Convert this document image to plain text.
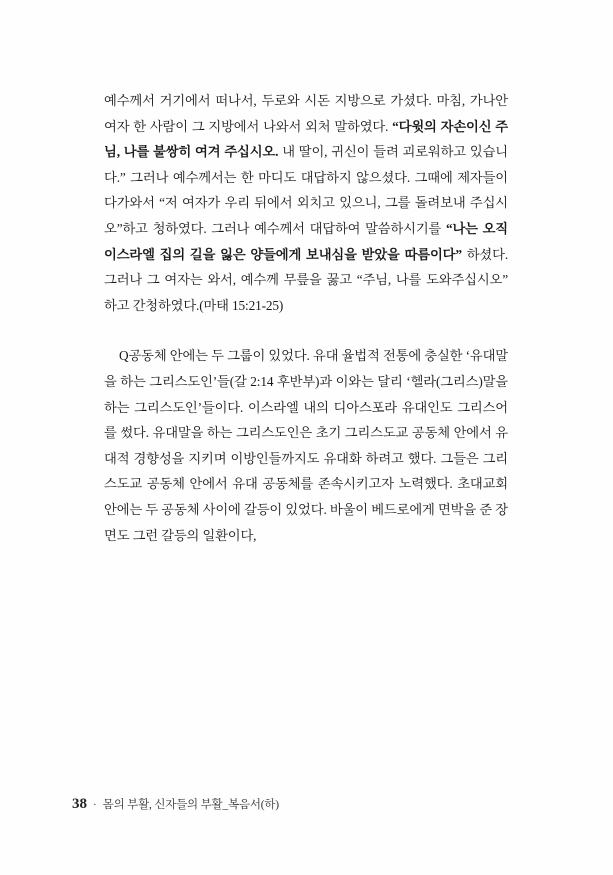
예수께서 거기에서 떠나서, 두로와 시돈 지방으로 가셨다. 마침, 가나안 여자 한 사람이 그 지방에서 나와서 외처 말하였다. “다윗의 자손이신 주님, 나를 불쌍히 여겨 주십시오. 내 딸이, 귀신이 들려 괴로워하고 있습니다.” 그러나 예수께서는 한 마디도 대답하지 않으셨다. 그때에 제자들이 다가와서 “저 여자가 우리 뒤에서 외치고 있으니, 그를 돌려보내 주십시오”하고 청하였다. 그러나 예수께서 대답하여 말씀하시기를 “나는 오직 이스라엘 집의 길을 잃은 양들에게 보내심을 받았을 따름이다” 하셨다. 그러나 그 여자는 와서, 예수께 무릎을 꿇고 “주님, 나를 도와주십시오” 하고 간청하였다.(마태 15:21-25)

Q공동체 안에는 두 그룹이 있었다. 유대 율법적 전통에 충실한 ‘유대말을 하는 그리스도인’들(갈 2:14 후반부)과 이와는 달리 ‘헬라(그리스)말을 하는 그리스도인’들이다. 이스라엘 내의 디아스포라 유대인도 그리스어를 썼다. 유대말을 하는 그리스도인은 초기 그리스도교 공동체 안에서 유대적 경향성을 지키며 이방인들까지도 유대화 하려고 했다. 그들은 그리스도교 공동체 안에서 유대 공동체를 존속시키고자 노력했다. 초대교회 안에는 두 공동체 사이에 갈등이 있었다. 바울이 베드로에게 면박을 준 장면도 그런 갈등의 일환이다,

38 · 몸의 부활, 신자들의 부활_복음서(하)
